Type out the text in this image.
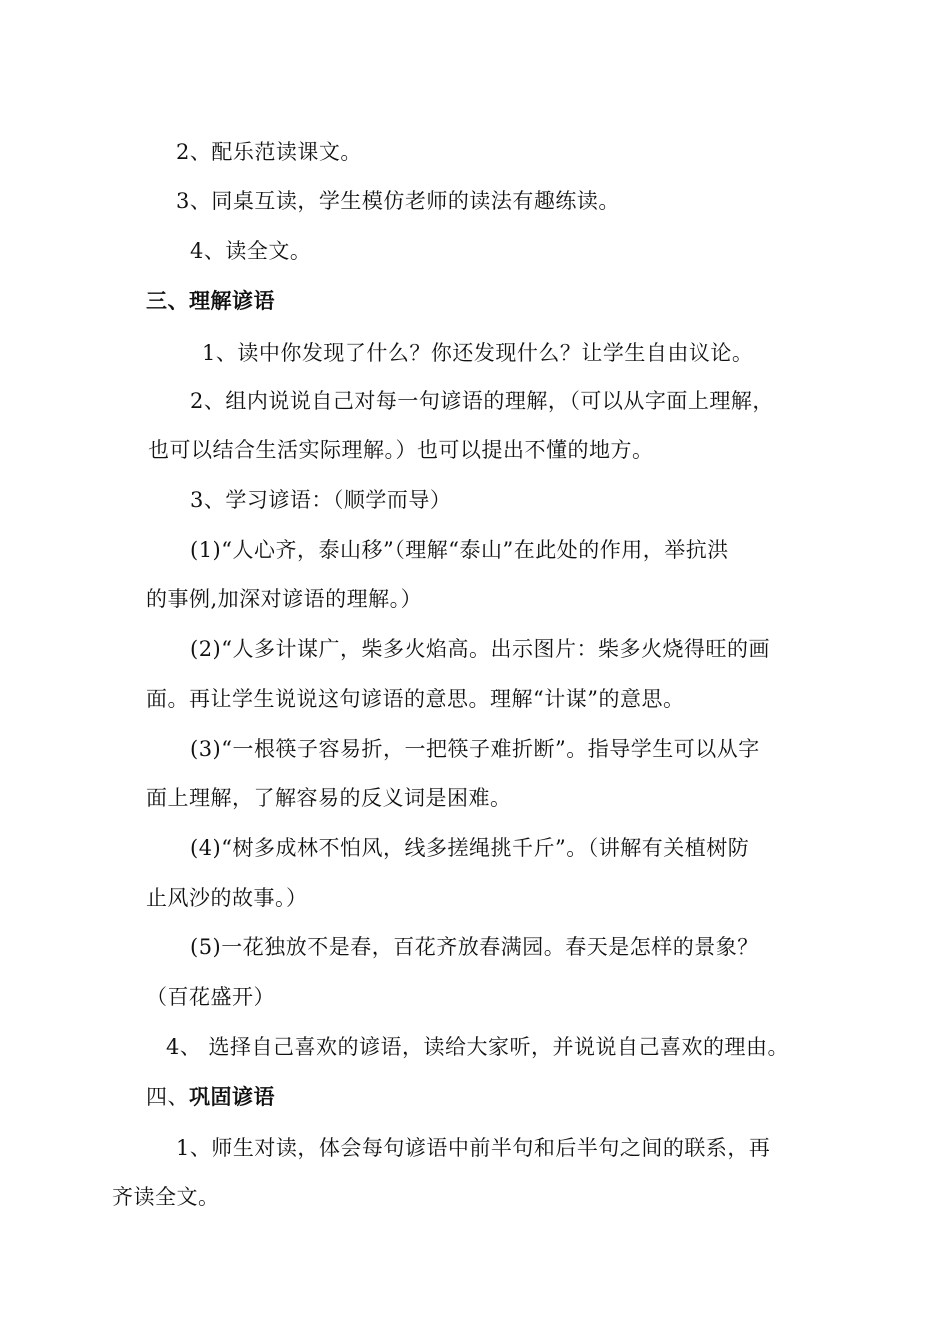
2、配乐范读课文。
3、同桌互读，学生模仿老师的读法有趣练读。
4、读全文。
三、理解谚语
1、读中你发现了什么？你还发现什么？让学生自由议论。
2、组内说说自己对每一句谚语的理解，（可以从字面上理解，
也可以结合生活实际理解。）也可以提出不懂的地方。
3、学习谚语：（顺学而导）
(1)“人心齐，泰山移”（理解“泰山”在此处的作用，举抗洪
的事例,加深对谚语的理解。）
(2)“人多计谋广，柴多火焰高。出示图片：柴多火烧得旺的画
面。再让学生说说这句谚语的意思。理解“计谋”的意思。
(3)“一根筷子容易折，一把筷子难折断”。指导学生可以从字
面上理解，了解容易的反义词是困难。
(4)“树多成林不怕风，线多搓绳挑千斤”。（讲解有关植树防
止风沙的故事。）
(5)一花独放不是春，百花齐放春满园。春天是怎样的景象？
（百花盛开）
4、 选择自己喜欢的谚语，读给大家听，并说说自己喜欢的理由。
四、巩固谚语
1、师生对读，体会每句谚语中前半句和后半句之间的联系，再
齐读全文。
